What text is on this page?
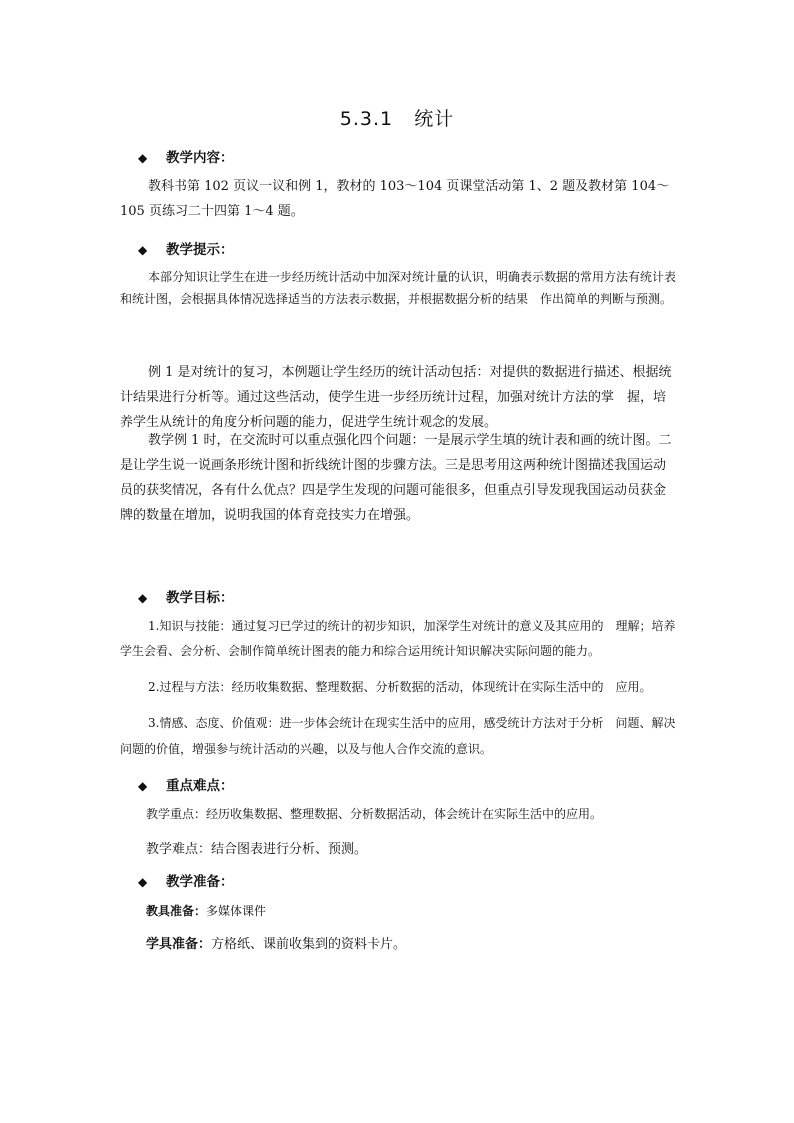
5.3.1 统计
◆ 教学内容：
教科书第 102 页议一议和例 1，教材的 103～104 页课堂活动第 1、2 题及教材第 104～105 页练习二十四第 1～4 题。
◆ 教学提示：
本部分知识让学生在进一步经历统计活动中加深对统计量的认识，明确表示数据的常用方法有统计表和统计图，会根据具体情况选择适当的方法表示数据，并根据数据分析的结果　作出简单的判断与预测。
例 1 是对统计的复习，本例题让学生经历的统计活动包括：对提供的数据进行描述、根据统计结果进行分析等。通过这些活动，使学生进一步经历统计过程，加强对统计方法的掌　握，培养学生从统计的角度分析问题的能力，促进学生统计观念的发展。
教学例 1 时，在交流时可以重点强化四个问题：一是展示学生填的统计表和画的统计图。二是让学生说一说画条形统计图和折线统计图的步骤方法。三是思考用这两种统计图描述我国运动员的获奖情况，各有什么优点？四是学生发现的问题可能很多，但重点引导发现我国运动员获金牌的数量在增加，说明我国的体育竞技实力在增强。
◆ 教学目标：
1.知识与技能：通过复习已学过的统计的初步知识，加深学生对统计的意义及其应用的　理解；培养学生会看、会分析、会制作简单统计图表的能力和综合运用统计知识解决实际问题的能力。
2.过程与方法：经历收集数据、整理数据、分析数据的活动，体现统计在实际生活中的　应用。
3.情感、态度、价值观：进一步体会统计在现实生活中的应用，感受统计方法对于分析　问题、解决问题的价值，增强参与统计活动的兴趣，以及与他人合作交流的意识。
◆ 重点难点：
教学重点：经历收集数据、整理数据、分析数据活动，体会统计在实际生活中的应用。
教学难点：结合图表进行分析、预测。
◆ 教学准备：
教具准备：多媒体课件
学具准备：方格纸、课前收集到的资料卡片。
